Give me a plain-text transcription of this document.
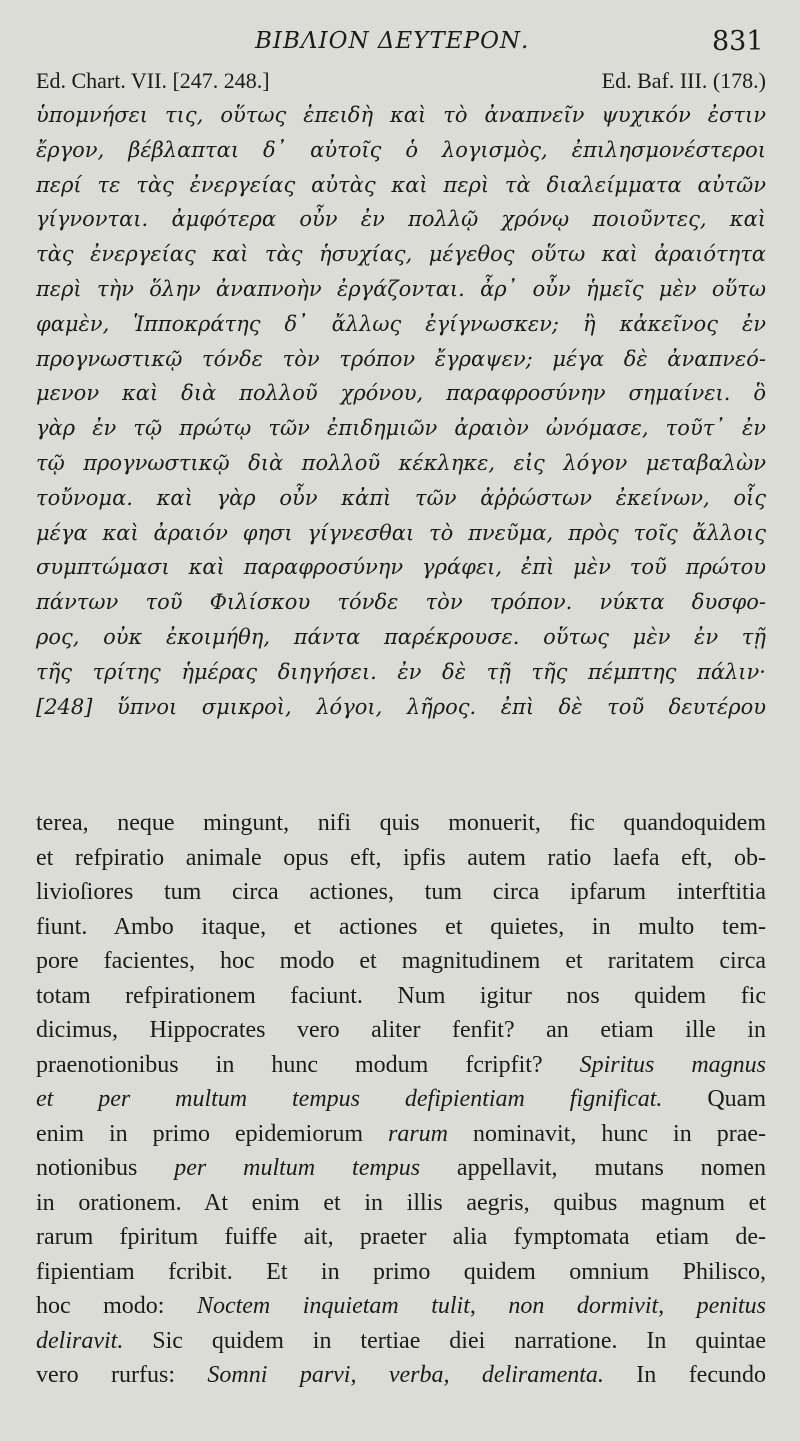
ΒΙΒΛΙΟΝ ΔΕΥΤΕΡΟΝ.	831
Ed. Chart. VII. [247. 248.]	Ed. Baf. III. (178.)
ὑπομνήσει τις, οὕτως ἐπειδὴ καὶ τὸ ἀναπνεῖν ψυχικόν ἐστιν
ἔργον, βέβλαπται δ᾽ αὐτοῖς ὁ λογισμὸς, ἐπιλησμονέστεροι
περί τε τὰς ἐνεργείας αὐτὰς καὶ περὶ τὰ διαλείμματα αὐτῶν
γίγνονται. ἀμφότερα οὖν ἐν πολλῷ χρόνῳ ποιοῦντες, καὶ
τὰς ἐνεργείας καὶ τὰς ἡσυχίας, μέγεθος οὕτω καὶ ἀραιότητα
περὶ τὴν ὅλην ἀναπνοὴν ἐργάζονται. ἆρ᾽ οὖν ἡμεῖς μὲν οὕτω
φαμὲν, Ἱπποκράτης δ᾽ ἄλλως ἐγίγνωσκεν; ἢ κἀκεῖνος ἐν
προγνωστικῷ τόνδε τὸν τρόπον ἔγραψεν; μέγα δὲ ἀναπνεό-
μενον καὶ διὰ πολλοῦ χρόνου, παραφροσύνην σημαίνει. ὃ
γὰρ ἐν τῷ πρώτῳ τῶν ἐπιδημιῶν ἀραιὸν ὠνόμασε, τοῦτ᾽ ἐν
τῷ προγνωστικῷ διὰ πολλοῦ κέκληκε, εἰς λόγον μεταβαλὼν
τοὔνομα. καὶ γὰρ οὖν κἀπὶ τῶν ἀῤῥώστων ἐκείνων, οἷς
μέγα καὶ ἀραιόν φησι γίγνεσθαι τὸ πνεῦμα, πρὸς τοῖς ἄλλοις
συμπτώμασι καὶ παραφροσύνην γράφει, ἐπὶ μὲν τοῦ πρώτου
πάντων τοῦ Φιλίσκου τόνδε τὸν τρόπον. νύκτα δυσφο-
ρος, οὐκ ἐκοιμήθη, πάντα παρέκρουσε. οὕτως μὲν ἐν τῇ
τῆς τρίτης ἡμέρας διηγήσει. ἐν δὲ τῇ τῆς πέμπτης πάλιν·
[248] ὕπνοι σμικροὶ, λόγοι, λῆρος. ἐπὶ δὲ τοῦ δευτέρου
terea, neque mingunt, nifi quis monuerit, fic quandoquidem
et refpiratio animale opus eft, ipfis autem ratio laefa eft, ob-
livioſiores tum circa actiones, tum circa ipfarum interftitia
fiunt. Ambo itaque, et actiones et quietes, in multo tem-
pore facientes, hoc modo et magnitudinem et raritatem circa
totam refpirationem faciunt. Num igitur nos quidem fic
dicimus, Hippocrates vero aliter fenfit? an etiam ille in
praenotionibus in hunc modum fcripfit? Spiritus magnus
et per multum tempus defipientiam fignificat. Quam
enim in primo epidemiorum rarum nominavit, hunc in prae-
notionibus per multum tempus appellavit, mutans nomen
in orationem. At enim et in illis aegris, quibus magnum et
rarum fpiritum fuiffe ait, praeter alia fymptomata etiam de-
fipientiam fcribit. Et in primo quidem omnium Philisco,
hoc modo: Noctem inquietam tulit, non dormivit, penitus
deliravit. Sic quidem in tertiae diei narratione. In quintae
vero rurfus: Somni parvi, verba, deliramenta. In fecundo
